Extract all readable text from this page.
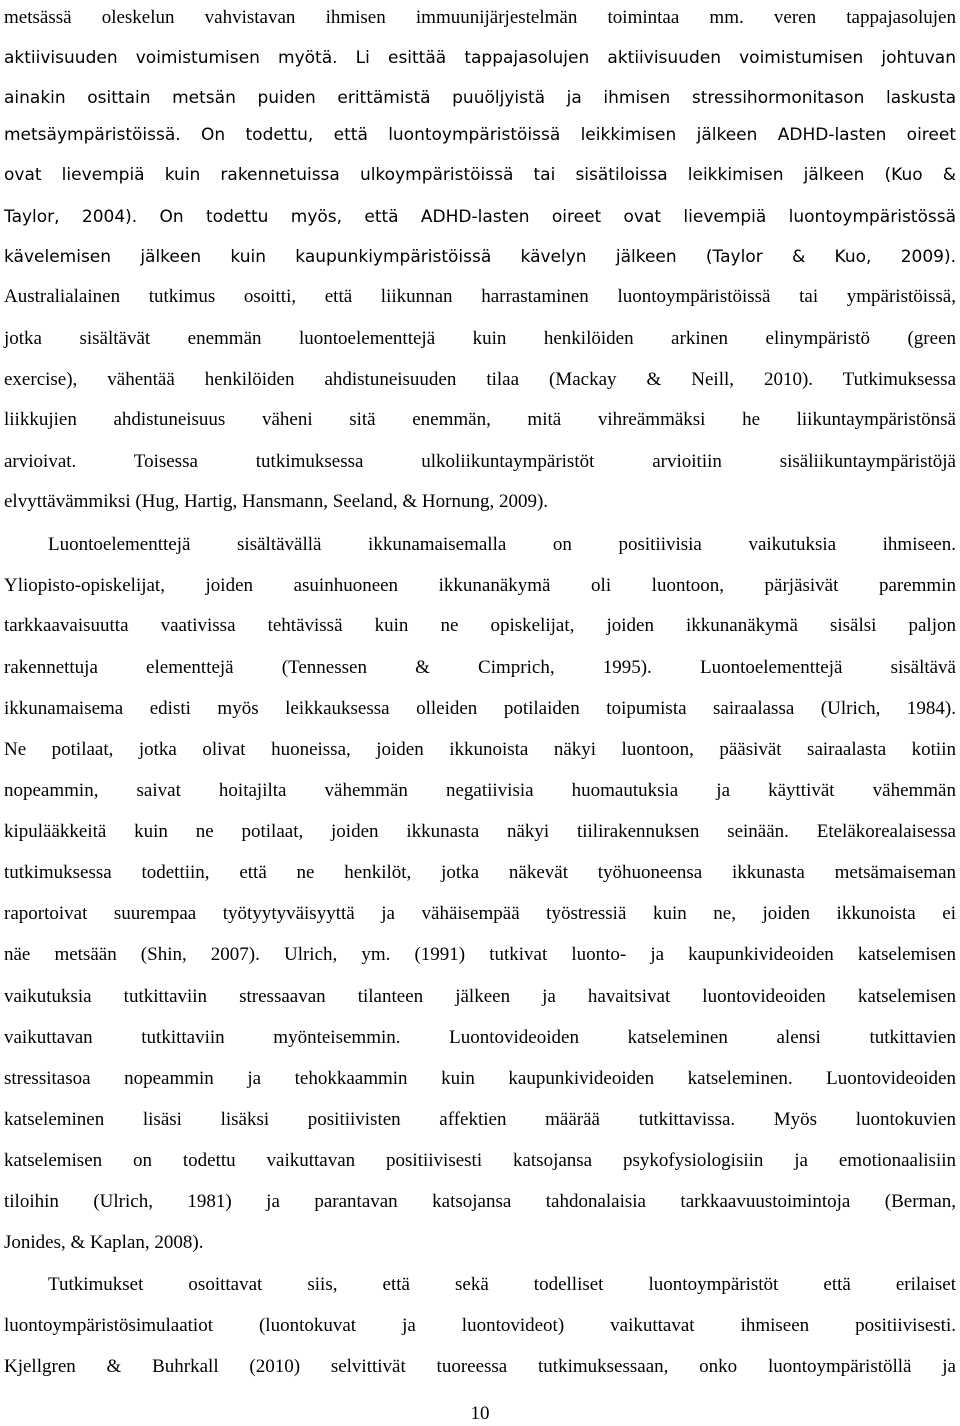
metsässä oleskelun vahvistavan ihmisen immuunijärjestelmän toimintaa mm. veren tappajasolujen
aktiivisuuden voimistumisen myötä. Li esittää tappajasolujen aktiivisuuden voimistumisen johtuvan
ainakin osittain metsän puiden erittämistä puuöljyistä ja ihmisen stressihormonitason laskusta
metsäympäristöissä. On todettu, että luontoympäristöissä leikkimisen jälkeen ADHD-lasten oireet
ovat lievempiä kuin rakennetuissa ulkoympäristöissä tai sisätiloissa leikkimisen jälkeen (Kuo &
Taylor, 2004). On todettu myös, että ADHD-lasten oireet ovat lievempiä luontoympäristössä
kävelemisen jälkeen kuin kaupunkiympäristöissä kävelyn jälkeen (Taylor & Kuo, 2009).
Australialainen tutkimus osoitti, että liikunnan harrastaminen luontoympäristöissä tai ympäristöissä,
jotka sisältävät enemmän luontoelementtejä kuin henkilöiden arkinen elinympäristö (green
exercise), vähentää henkilöiden ahdistuneisuuden tilaa (Mackay & Neill, 2010). Tutkimuksessa
liikkujien ahdistuneisuus väheni sitä enemmän, mitä vihreämmäksi he liikuntaympäristönsä
arvioivat. Toisessa tutkimuksessa ulkoliikuntaympäristöt arvioitiin sisäliikuntaympäristöjä
elvyttävämmiksi (Hug, Hartig, Hansmann, Seeland, & Hornung, 2009).
Luontoelementtejä sisältävällä ikkunamaisemalla on positiivisia vaikutuksia ihmiseen.
Yliopisto-opiskelijat, joiden asuinhuoneen ikkunanäkymä oli luontoon, pärjäsivät paremmin
tarkkaavaisuutta vaativissa tehtävissä kuin ne opiskelijat, joiden ikkunanäkymä sisälsi paljon
rakennettuja elementtejä (Tennessen & Cimprich, 1995). Luontoelementtejä sisältävä
ikkunamaisema edisti myös leikkauksessa olleiden potilaiden toipumista sairaalassa (Ulrich, 1984).
Ne potilaat, jotka olivat huoneissa, joiden ikkunoista näkyi luontoon, pääsivät sairaalasta kotiin
nopeammin, saivat hoitajilta vähemmän negatiivisia huomautuksia ja käyttivät vähemmän
kipulääkkeitä kuin ne potilaat, joiden ikkunasta näkyi tiilirakennuksen seinään. Eteläkorealaisessa
tutkimuksessa todettiin, että ne henkilöt, jotka näkevät työhuoneensa ikkunasta metsämaiseman
raportoivat suurempaa työtyytyväisyyttä ja vähäisempää työstressiä kuin ne, joiden ikkunoista ei
näe metsään (Shin, 2007). Ulrich, ym. (1991) tutkivat luonto- ja kaupunkivideoiden katselemisen
vaikutuksia tutkittaviin stressaavan tilanteen jälkeen ja havaitsivat luontovideoiden katselemisen
vaikuttavan tutkittaviin myönteisemmin. Luontovideoiden katseleminen alensi tutkittavien
stressitasoa nopeammin ja tehokkaammin kuin kaupunkivideoiden katseleminen. Luontovideoiden
katseleminen lisäsi lisäksi positiivisten affektien määrää tutkittavissa. Myös luontokuvien
katselemisen on todettu vaikuttavan positiivisesti katsojansa psykofysiologisiin ja emotionaalisiin
tiloihin (Ulrich, 1981) ja parantavan katsojansa tahdonalaisia tarkkaavuustoimintoja (Berman,
Jonides, & Kaplan, 2008).
Tutkimukset osoittavat siis, että sekä todelliset luontoympäristöt että erilaiset
luontoympäristösimulaatiot (luontokuvat ja luontovideot) vaikuttavat ihmiseen positiivisesti.
Kjellgren & Buhrkall (2010) selvittivät tuoreessa tutkimuksessaan, onko luontoympäristöllä ja
10
